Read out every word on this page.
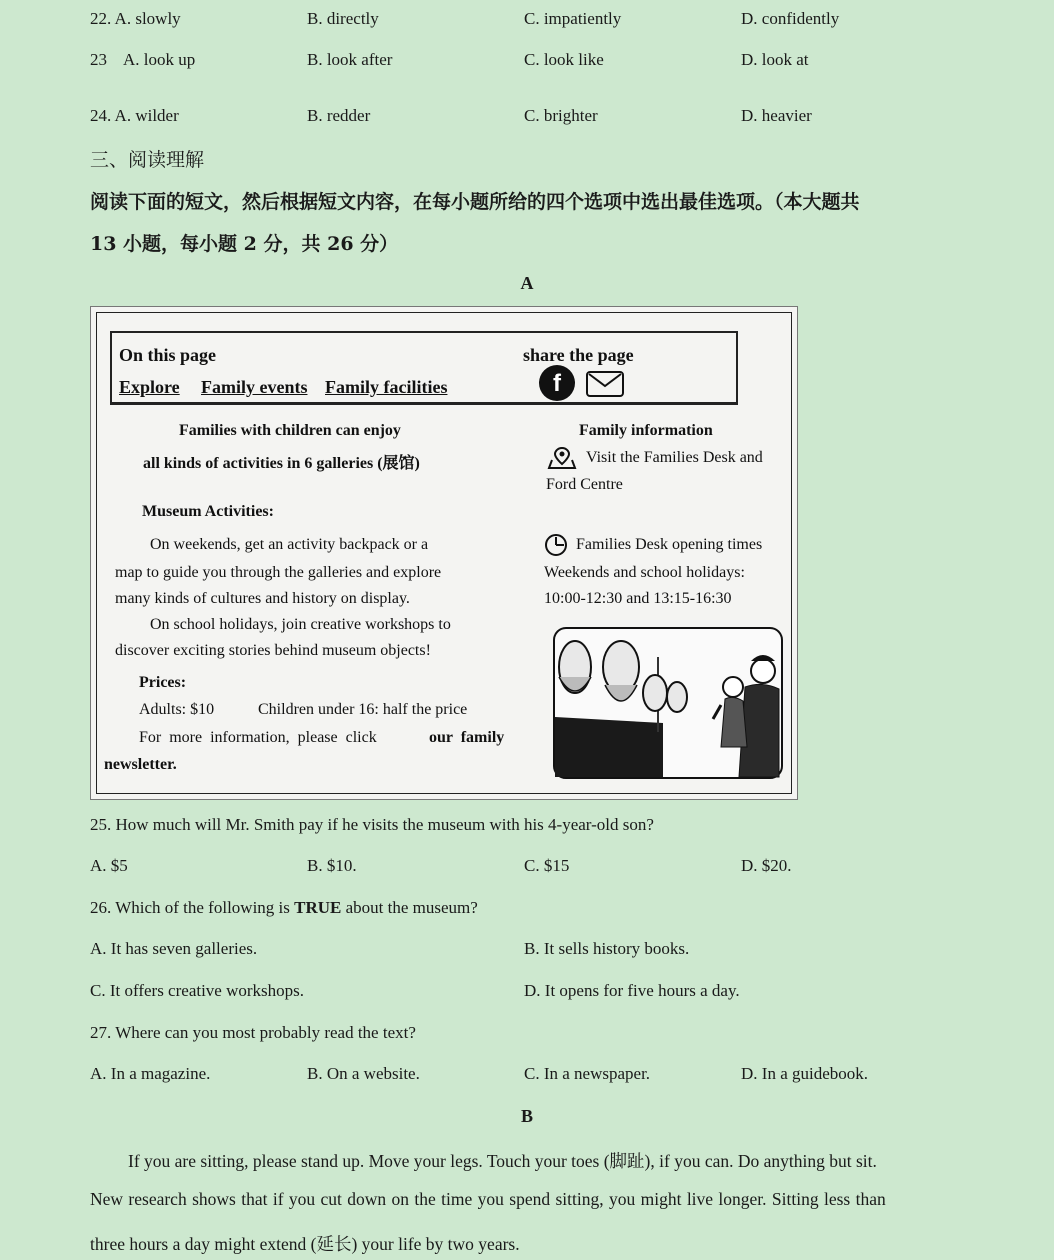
22. A. slowly	B. directly	C. impatiently	D. confidently
23 A. look up	B. look after	C. look like	D. look at
24. A. wilder	B. redder	C. brighter	D. heavier
三、阅读理解
阅读下面的短文，然后根据短文内容，在每小题所给的四个选项中选出最佳选项。（本大题共
13 小题，每小题 2 分，共 26 分）
A
On this page	share the page
Explore Family events Family facilities	f
Families with children can enjoy
all kinds of activities in 6 galleries (展馆)
Museum Activities:
On weekends, get an activity backpack or a
map to guide you through the galleries and explore
many kinds of cultures and history on display.
On school holidays, join creative workshops to
discover exciting stories behind museum objects!
Prices:
Adults: $10	Children under 16: half the price
For  more  information,  please  click	our  family
newsletter.
Family information
Visit the Families Desk and
Ford Centre
Families Desk opening times
Weekends and school holidays:
10:00-12:30 and 13:15-16:30
25. How much will Mr. Smith pay if he visits the museum with his 4-year-old son?
A. $5	B. $10.	C. $15	D. $20.
26. Which of the following is TRUE about the museum?
A. It has seven galleries.	B. It sells history books.
C. It offers creative workshops.	D. It opens for five hours a day.
27. Where can you most probably read the text?
A. In a magazine.	B. On a website.	C. In a newspaper.	D. In a guidebook.
B
If you are sitting, please stand up. Move your legs. Touch your toes (脚趾), if you can. Do anything but sit.
New research shows that if you cut down on the time you spend sitting, you might live longer. Sitting less than
three hours a day might extend (延长) your life by two years.
